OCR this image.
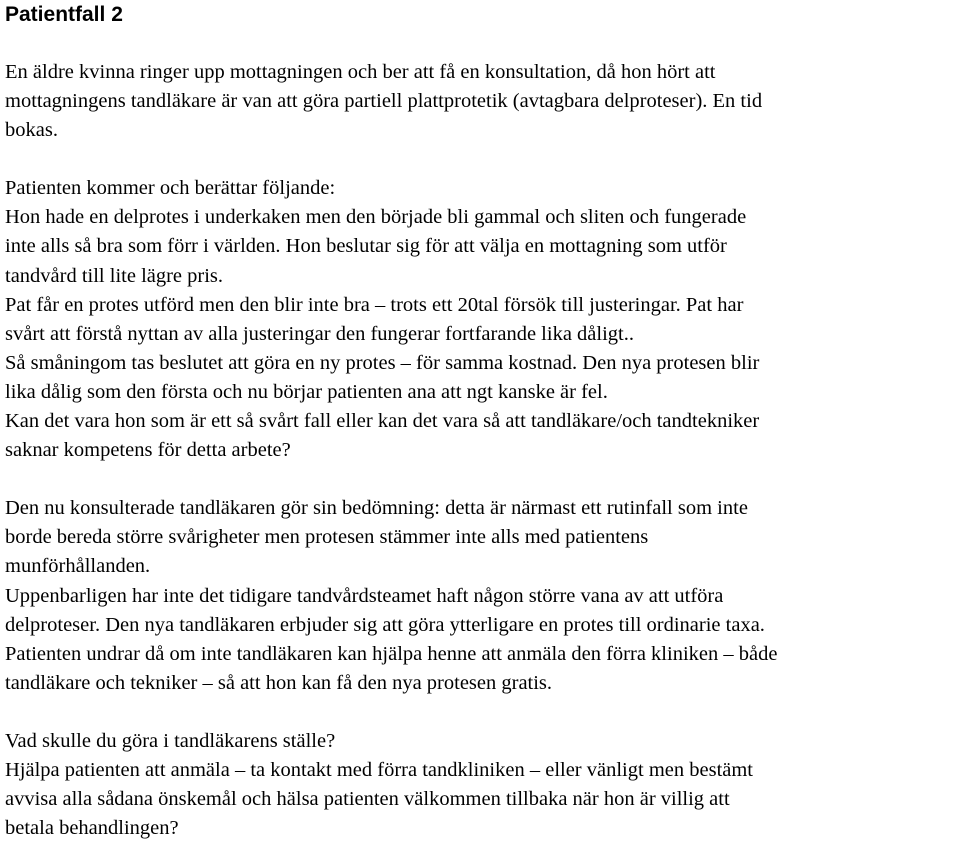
Patientfall 2

En äldre kvinna ringer upp mottagningen och ber att få en konsultation, då hon hört att
mottagningens tandläkare är van att göra partiell plattprotetik (avtagbara delproteser). En tid
bokas.

Patienten kommer och berättar följande:
Hon hade en delprotes i underkaken men den började bli gammal och sliten och fungerade
inte alls så bra som förr i världen. Hon beslutar sig för att välja en mottagning som utför
tandvård till lite lägre pris.
Pat får en protes utförd men den blir inte bra – trots ett 20tal försök till justeringar. Pat har
svårt att förstå nyttan av alla justeringar den fungerar fortfarande lika dåligt..
Så småningom tas beslutet att göra en ny protes – för samma kostnad. Den nya protesen blir
lika dålig som den första och nu börjar patienten ana att ngt kanske är fel.
Kan det vara hon som är ett så svårt fall eller kan det vara så att tandläkare/och tandtekniker
saknar kompetens för detta arbete?

Den nu konsulterade tandläkaren gör sin bedömning: detta är närmast ett rutinfall som inte
borde bereda större svårigheter men protesen stämmer inte alls med patientens
munförhållanden.
Uppenbarligen har inte det tidigare tandvårdsteamet haft någon större vana av att utföra
delproteser. Den nya tandläkaren erbjuder sig att göra ytterligare en protes till ordinarie taxa.
Patienten undrar då om inte tandläkaren kan hjälpa henne att anmäla den förra kliniken – både
tandläkare och tekniker – så att hon kan få den nya protesen gratis.

Vad skulle du göra i tandläkarens ställe?
Hjälpa patienten att anmäla – ta kontakt med förra tandkliniken – eller vänligt men bestämt
avvisa alla sådana önskemål och hälsa patienten välkommen tillbaka när hon är villig att
betala behandlingen?
